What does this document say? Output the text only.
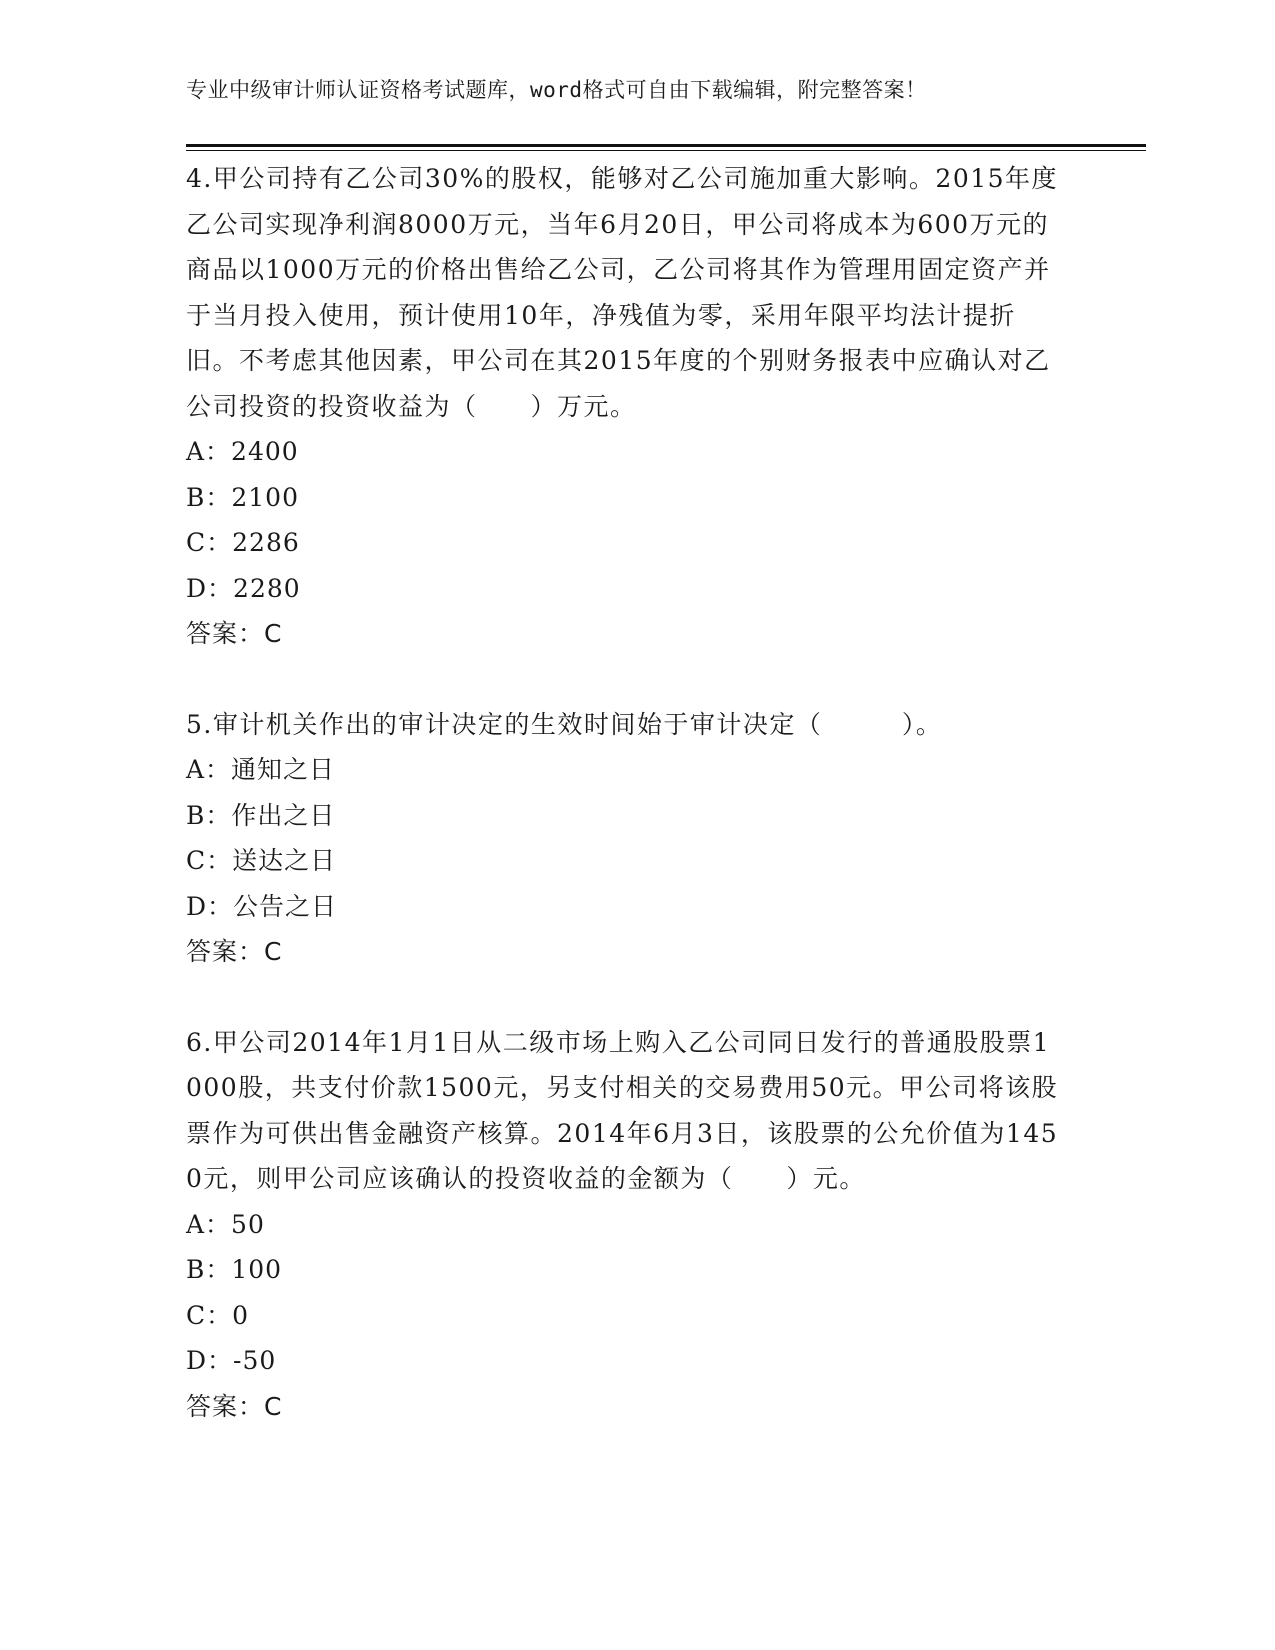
专业中级审计师认证资格考试题库，word格式可自由下载编辑，附完整答案！
4.甲公司持有乙公司30%的股权，能够对乙公司施加重大影响。2015年度乙公司实现净利润8000万元，当年6月20日，甲公司将成本为600万元的商品以1000万元的价格出售给乙公司，乙公司将其作为管理用固定资产并于当月投入使用，预计使用10年，净残值为零，采用年限平均法计提折旧。不考虑其他因素，甲公司在其2015年度的个别财务报表中应确认对乙公司投资的投资收益为（　　）万元。
A：2400
B：2100
C：2286
D：2280
答案：C
5.审计机关作出的审计决定的生效时间始于审计决定（　　　）。
A：通知之日
B：作出之日
C：送达之日
D：公告之日
答案：C
6.甲公司2014年1月1日从二级市场上购入乙公司同日发行的普通股股票1000股，共支付价款1500元，另支付相关的交易费用50元。甲公司将该股票作为可供出售金融资产核算。2014年6月3日，该股票的公允价值为1450元，则甲公司应该确认的投资收益的金额为（　　）元。
A：50
B：100
C：0
D：-50
答案：C
